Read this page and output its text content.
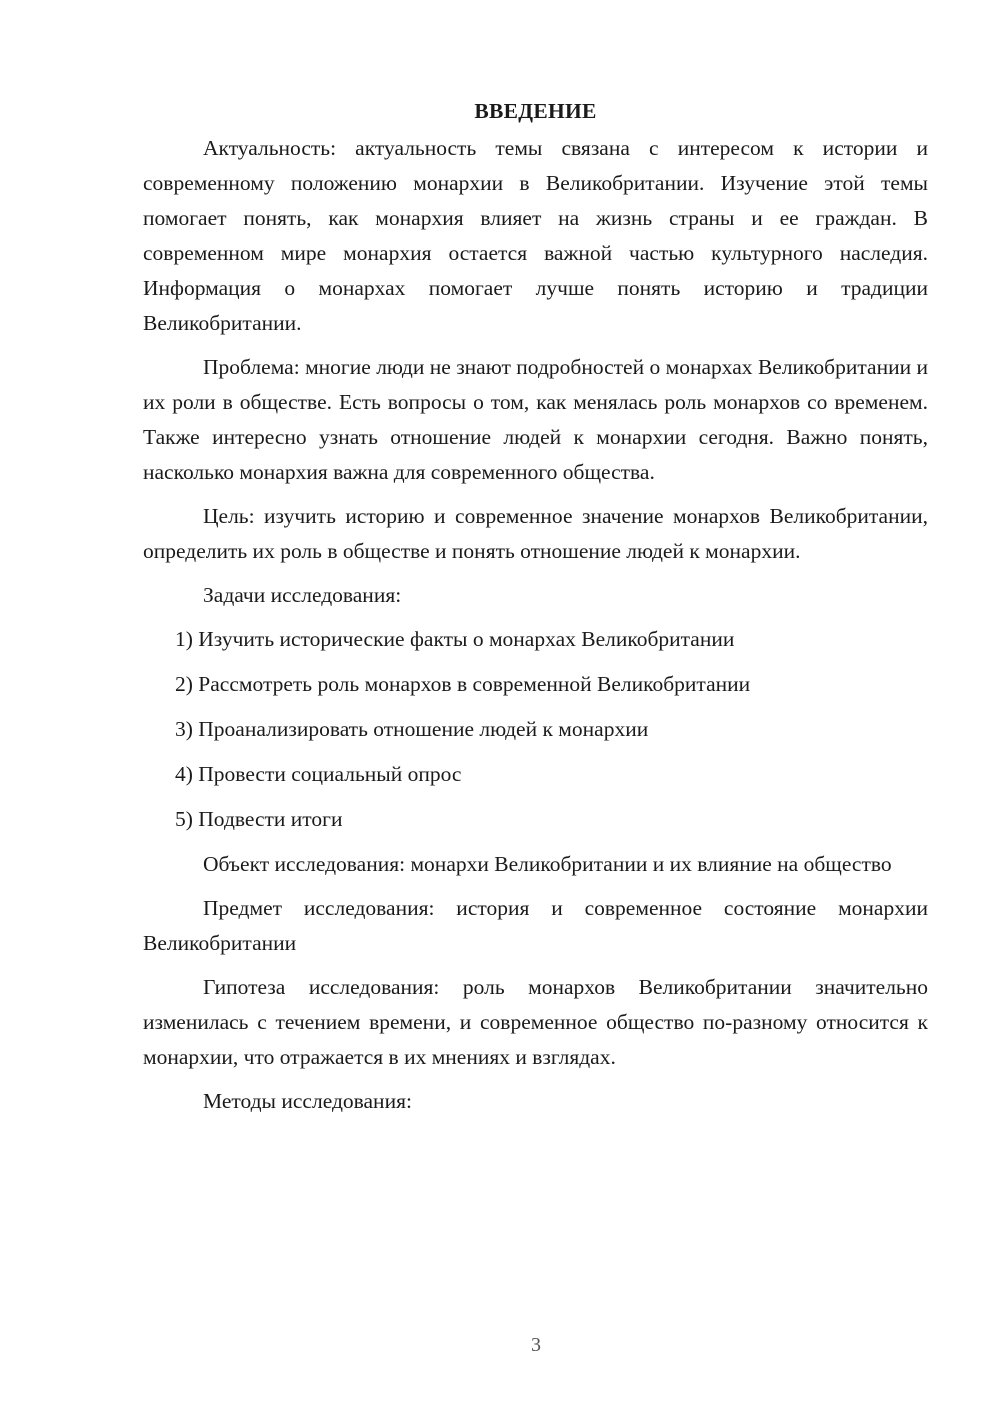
ВВЕДЕНИЕ

Актуальность: актуальность темы связана с интересом к истории и современному положению монархии в Великобритании. Изучение этой темы помогает понять, как монархия влияет на жизнь страны и ее граждан. В современном мире монархия остается важной частью культурного наследия. Информация о монархах помогает лучше понять историю и традиции Великобритании.

Проблема: многие люди не знают подробностей о монархах Великобритании и их роли в обществе. Есть вопросы о том, как менялась роль монархов со временем. Также интересно узнать отношение людей к монархии сегодня. Важно понять, насколько монархия важна для современного общества.

Цель: изучить историю и современное значение монархов Великобритании, определить их роль в обществе и понять отношение людей к монархии.

Задачи исследования:

1) Изучить исторические факты о монархах Великобритании
2) Рассмотреть роль монархов в современной Великобритании
3) Проанализировать отношение людей к монархии
4) Провести социальный опрос
5) Подвести итоги

Объект исследования: монархи Великобритании и их влияние на общество

Предмет исследования: история и современное состояние монархии Великобритании

Гипотеза исследования: роль монархов Великобритании значительно изменилась с течением времени, и современное общество по-разному относится к монархии, что отражается в их мнениях и взглядах.

Методы исследования:

3
